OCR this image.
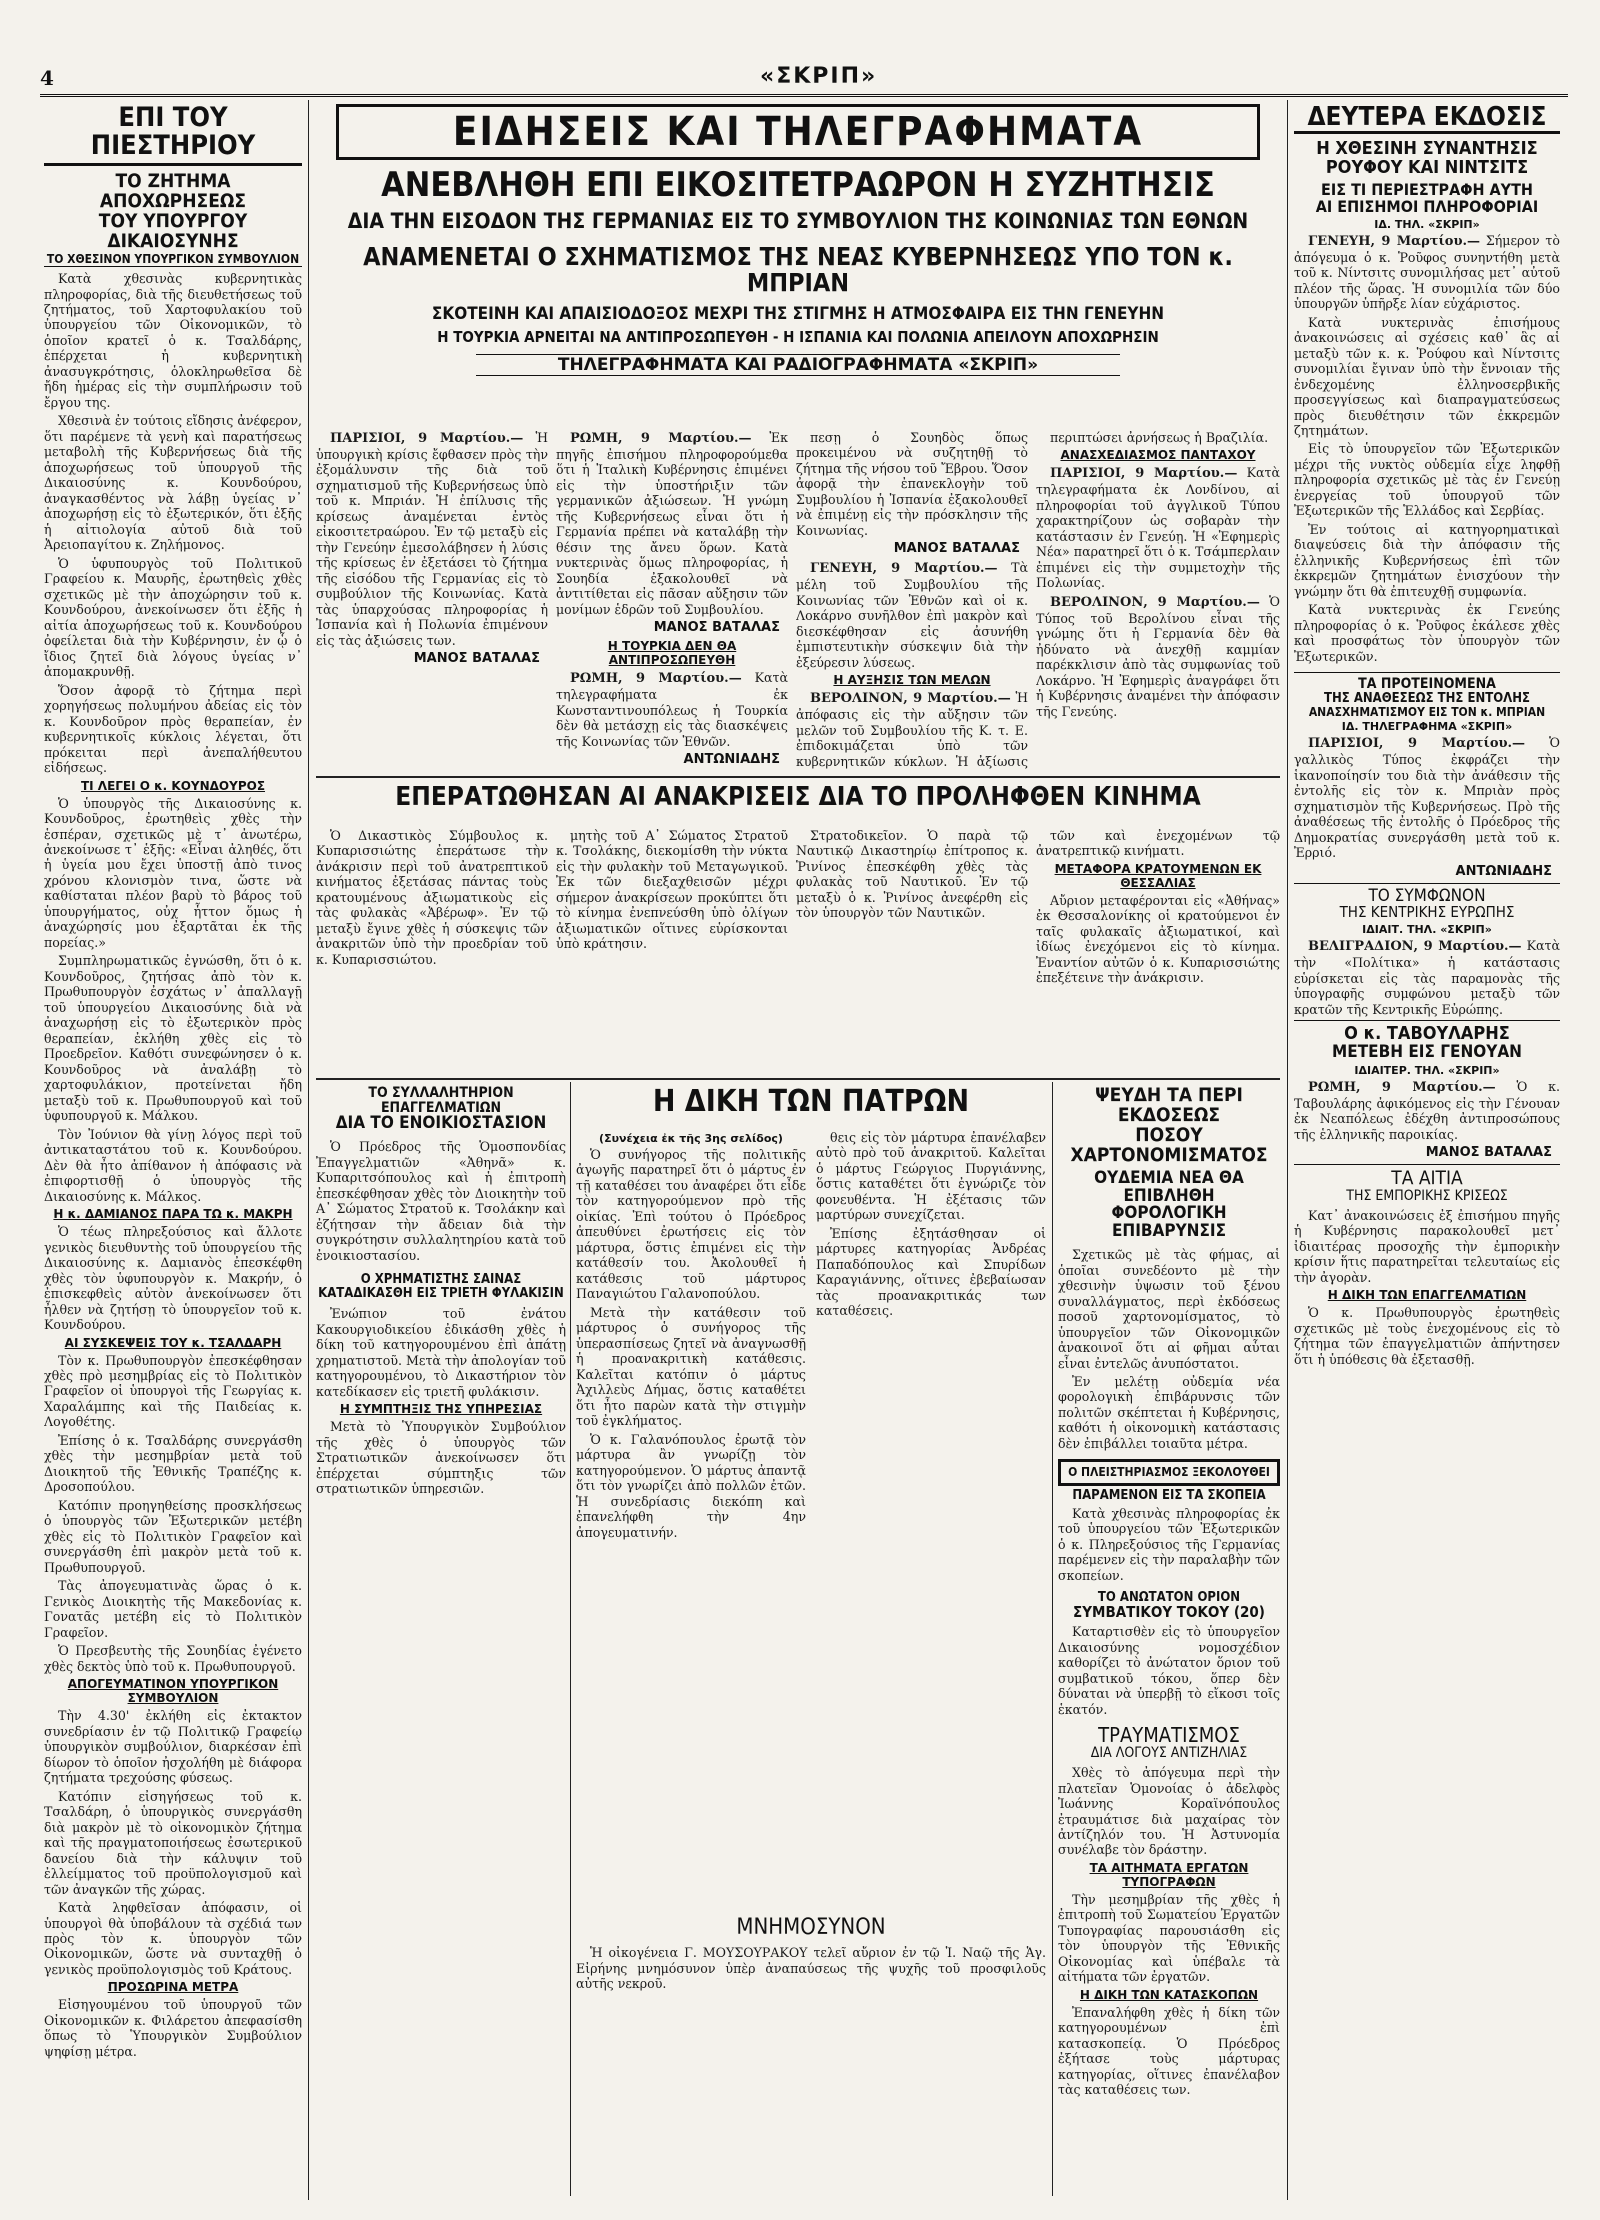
4	«ΣΚΡΙΠ»
ΕΠΙ ΤΟΥ ΠΙΕΣΤΗΡΙΟΥ
ΤΟ ΖΗΤΗΜΑ ΑΠΟΧΩΡΗΣΕΩΣ
ΤΟΥ ΥΠΟΥΡΓΟΥ ΔΙΚΑΙΟΣΥΝΗΣ
ΤΟ ΧΘΕΣΙΝΟΝ ΥΠΟΥΡΓΙΚΟΝ ΣΥΜΒΟΥΛΙΟΝ

Κατὰ χθεσινὰς κυβερνητικὰς πληροφορίας, διὰ τῆς διευθετήσεως τοῦ ζητήματος, τοῦ Χαρτοφυλακίου τοῦ ὑπουργείου τῶν Οἰκονομικῶν, τὸ ὁποῖον κρατεῖ ὁ κ. Τσαλδάρης, ἐπέρχεται ἡ κυβερνητικὴ ἀνασυγκρότησις, ὁλοκληρωθεῖσα δὲ ἤδη ἡμέρας εἰς τὴν συμπλήρωσιν τοῦ ἔργου της.

Χθεσινὰ ἐν τούτοις εἴδησις ἀνέφερον, ὅτι παρέμενε τὰ γενὴ καὶ παρατήσεως μεταβολὴ τῆς Κυβερνήσεως διὰ τῆς ἀποχωρήσεως τοῦ ὑπουργοῦ τῆς Δικαιοσύνης κ. Κουνδούρου, ἀναγκασθέντος νὰ λάβῃ ὑγείας ν᾽ ἀποχωρήσῃ εἰς τὸ ἐξωτερικόν, ὅτι ἐξῆς ἡ αἰτιολογία αὐτοῦ διὰ τοῦ Ἀρειοπαγίτου κ. Ζηλήμονος.

Ὁ ὑφυπουργὸς τοῦ Πολιτικοῦ Γραφείου κ. Μαυρῆς, ἐρωτηθεὶς χθὲς σχετικῶς μὲ τὴν ἀποχώρησιν τοῦ κ. Κουνδούρου, ἀνεκοίνωσεν ὅτι ἐξῆς ἡ αἰτία ἀποχωρήσεως τοῦ κ. Κουνδούρου ὀφείλεται διὰ τὴν Κυβέρνησιν, ἐν ᾧ ὁ ἴδιος ζητεῖ διὰ λόγους ὑγείας ν᾽ ἀπομακρυνθῇ.

Ὅσον ἀφορᾷ τὸ ζήτημα περὶ χορηγήσεως πολυμήνου ἀδείας εἰς τὸν κ. Κουνδοῦρον πρὸς θεραπείαν, ἐν κυβερνητικοῖς κύκλοις λέγεται, ὅτι πρόκειται περὶ ἀνεπαλήθευτου εἰδήσεως.

ΤΙ ΛΕΓΕΙ Ο κ. ΚΟΥΝΔΟΥΡΟΣ

Ὁ ὑπουργὸς τῆς Δικαιοσύνης κ. Κουνδοῦρος, ἐρωτηθεὶς χθὲς τὴν ἑσπέραν, σχετικῶς μὲ τ᾽ ἀνωτέρω, ἀνεκοίνωσε τ᾽ ἑξῆς: «Εἶναι ἀληθές, ὅτι ἡ ὑγεία μου ἔχει ὑποστῇ ἀπὸ τινος χρόνου κλονισμὸν τινα, ὥστε νὰ καθίσταται πλέον βαρὺ τὸ βάρος τοῦ ὑπουργήματος, οὐχ ἧττον ὅμως ἡ ἀναχώρησίς μου ἐξαρτᾶται ἐκ τῆς πορείας.»

Συμπληρωματικῶς ἐγνώσθη, ὅτι ὁ κ. Κουνδοῦρος, ζητήσας ἀπὸ τὸν κ. Πρωθυπουργὸν ἐσχάτως ν᾽ ἀπαλλαγῇ τοῦ ὑπουργείου Δικαιοσύνης διὰ νὰ ἀναχωρήσῃ εἰς τὸ ἐξωτερικὸν πρὸς θεραπείαν, ἐκλήθη χθὲς εἰς τὸ Προεδρεῖον. Καθότι συνεφώνησεν ὁ κ. Κουνδοῦρος νὰ ἀναλάβῃ τὸ χαρτοφυλάκιον, προτείνεται ἤδη μεταξὺ τοῦ κ. Πρωθυπουργοῦ καὶ τοῦ ὑφυπουργοῦ κ. Μάλκου.

Τὸν Ἰούνιον θὰ γίνῃ λόγος περὶ τοῦ ἀντικαταστάτου τοῦ κ. Κουνδούρου. Δὲν θὰ ἦτο ἀπίθανον ἡ ἀπόφασις νὰ ἐπιφορτισθῇ ὁ ὑπουργὸς τῆς Δικαιοσύνης κ. Μάλκος.

Η κ. ΔΑΜΙΑΝΟΣ ΠΑΡΑ ΤΩ κ. ΜΑΚΡΗ

Ὁ τέως πληρεξούσιος καὶ ἄλλοτε γενικὸς διευθυντὴς τοῦ ὑπουργείου τῆς Δικαιοσύνης κ. Δαμιανὸς ἐπεσκέφθη χθὲς τὸν ὑφυπουργὸν κ. Μακρήν, ὁ ἐπισκεφθεὶς αὐτὸν ἀνεκοίνωσεν ὅτι ἦλθεν νὰ ζητήσῃ τὸ ὑπουργεῖον τοῦ κ. Κουνδούρου.

ΑΙ ΣΥΣΚΕΨΕΙΣ ΤΟΥ κ. ΤΣΑΛΔΑΡΗ

Τὸν κ. Πρωθυπουργὸν ἐπεσκέφθησαν χθὲς πρὸ μεσημβρίας εἰς τὸ Πολιτικὸν Γραφεῖον οἱ ὑπουργοὶ τῆς Γεωργίας κ. Χαραλάμπης καὶ τῆς Παιδείας κ. Λογοθέτης.

Ἐπίσης ὁ κ. Τσαλδάρης συνεργάσθη χθὲς τὴν μεσημβρίαν μετὰ τοῦ Διοικητοῦ τῆς Ἐθνικῆς Τραπέζης κ. Δροσοπούλου.

Κατόπιν προηγηθείσης προσκλήσεως ὁ ὑπουργὸς τῶν Ἐξωτερικῶν μετέβη χθὲς εἰς τὸ Πολιτικὸν Γραφεῖον καὶ συνεργάσθη ἐπὶ μακρὸν μετὰ τοῦ κ. Πρωθυπουργοῦ.

Τὰς ἀπογευματινὰς ὥρας ὁ κ. Γενικὸς Διοικητὴς τῆς Μακεδονίας κ. Γονατᾶς μετέβη εἰς τὸ Πολιτικὸν Γραφεῖον.

Ὁ Πρεσβευτὴς τῆς Σουηδίας ἐγένετο χθὲς δεκτὸς ὑπὸ τοῦ κ. Πρωθυπουργοῦ.

ΑΠΟΓΕΥΜΑΤΙΝΟΝ ΥΠΟΥΡΓΙΚΟΝ ΣΥΜΒΟΥΛΙΟΝ

Τὴν 4.30' ἐκλήθη εἰς ἐκτακτον συνεδρίασιν ἐν τῷ Πολιτικῷ Γραφείῳ ὑπουργικὸν συμβούλιον, διαρκέσαν ἐπὶ δίωρον τὸ ὁποῖον ἠσχολήθη μὲ διάφορα ζητήματα τρεχούσης φύσεως.

Κατόπιν εἰσηγήσεως τοῦ κ. Τσαλδάρη, ὁ ὑπουργικὸς συνεργάσθη διὰ μακρὸν μὲ τὸ οἰκονομικὸν ζήτημα καὶ τῆς πραγματοποιήσεως ἐσωτερικοῦ δανείου διὰ τὴν κάλυψιν τοῦ ἐλλείμματος τοῦ προϋπολογισμοῦ καὶ τῶν ἀναγκῶν τῆς χώρας.

Κατὰ ληφθεῖσαν ἀπόφασιν, οἱ ὑπουργοὶ θὰ ὑποβάλουν τὰ σχέδιά των πρὸς τὸν κ. ὑπουργὸν τῶν Οἰκονομικῶν, ὥστε νὰ συνταχθῇ ὁ γενικὸς προϋπολογισμὸς τοῦ Κράτους.

ΠΡΟΣΩΡΙΝΑ ΜΕΤΡΑ

Εἰσηγουμένου τοῦ ὑπουργοῦ τῶν Οἰκονομικῶν κ. Φιλάρετου ἀπεφασίσθη ὅπως τὸ Ὑπουργικὸν Συμβούλιον ψηφίσῃ μέτρα.

ΕΙΔΗΣΕΙΣ ΚΑΙ ΤΗΛΕΓΡΑΦΗΜΑΤΑ
ΑΝΕΒΛΗΘΗ ΕΠΙ ΕΙΚΟΣΙΤΕΤΡΑΩΡΟΝ Η ΣΥΖΗΤΗΣΙΣ
ΔΙΑ ΤΗΝ ΕΙΣΟΔΟΝ ΤΗΣ ΓΕΡΜΑΝΙΑΣ ΕΙΣ ΤΟ ΣΥΜΒΟΥΛΙΟΝ ΤΗΣ ΚΟΙΝΩΝΙΑΣ ΤΩΝ ΕΘΝΩΝ
ΑΝΑΜΕΝΕΤΑΙ Ο ΣΧΗΜΑΤΙΣΜΟΣ ΤΗΣ ΝΕΑΣ ΚΥΒΕΡΝΗΣΕΩΣ ΥΠΟ ΤΟΝ κ. ΜΠΡΙΑΝ
ΣΚΟΤΕΙΝΗ ΚΑΙ ΑΠΑΙΣΙΟΔΟΞΟΣ ΜΕΧΡΙ ΤΗΣ ΣΤΙΓΜΗΣ Η ΑΤΜΟΣΦΑΙΡΑ ΕΙΣ ΤΗΝ ΓΕΝΕΥΗΝ
Η ΤΟΥΡΚΙΑ ΑΡΝΕΙΤΑΙ ΝΑ ΑΝΤΙΠΡΟΣΩΠΕΥΘΗ - Η ΙΣΠΑΝΙΑ ΚΑΙ ΠΟΛΩΝΙΑ ΑΠΕΙΛΟΥΝ ΑΠΟΧΩΡΗΣΙΝ
ΤΗΛΕΓΡΑΦΗΜΑΤΑ ΚΑΙ ΡΑΔΙΟΓΡΑΦΗΜΑΤΑ «ΣΚΡΙΠ»

ΠΑΡΙΣΙΟΙ, 9 Μαρτίου.— Ἡ ὑπουργικὴ κρίσις ἔφθασεν πρὸς τὴν ἐξομάλυνσιν τῆς διὰ τοῦ σχηματισμοῦ τῆς Κυβερνήσεως ὑπὸ τοῦ κ. Μπριάν. Ἡ ἐπίλυσις τῆς κρίσεως ἀναμένεται ἐντὸς εἰκοσιτετραώρου. Ἐν τῷ μεταξὺ εἰς τὴν Γενεύην ἐμεσολάβησεν ἡ λύσις τῆς κρίσεως ἐν ἐξετάσει τὸ ζήτημα τῆς εἰσόδου τῆς Γερμανίας εἰς τὸ συμβούλιον τῆς Κοινωνίας. Κατὰ τὰς ὑπαρχούσας πληροφορίας ἡ Ἰσπανία καὶ ἡ Πολωνία ἐπιμένουν εἰς τὰς ἀξιώσεις των.

ΜΑΝΟΣ ΒΑΤΑΛΑΣ

ΡΩΜΗ, 9 Μαρτίου.— Ἐκ πηγῆς ἐπισήμου πληροφορούμεθα ὅτι ἡ Ἰταλικὴ Κυβέρνησις ἐπιμένει εἰς τὴν ὑποστήριξιν τῶν γερμανικῶν ἀξιώσεων. Ἡ γνώμη τῆς Κυβερνήσεως εἶναι ὅτι ἡ Γερμανία πρέπει νὰ καταλάβῃ τὴν θέσιν της ἄνευ ὅρων. Κατὰ νυκτερινὰς ὅμως πληροφορίας, ἡ Σουηδία ἐξακολουθεῖ νὰ ἀντιτίθεται εἰς πᾶσαν αὔξησιν τῶν μονίμων ἑδρῶν τοῦ Συμβουλίου.

ΜΑΝΟΣ ΒΑΤΑΛΑΣ
Η ΤΟΥΡΚΙΑ ΔΕΝ ΘΑ ΑΝΤΙΠΡΟΣΩΠΕΥΘΗ

ΡΩΜΗ, 9 Μαρτίου.— Κατὰ τηλεγραφήματα ἐκ Κωνσταντινουπόλεως ἡ Τουρκία δὲν θὰ μετάσχῃ εἰς τὰς διασκέψεις τῆς Κοινωνίας τῶν Ἐθνῶν.

ΑΝΤΩΝΙΑΔΗΣ

πεσῃ ὁ Σουηδὸς ὅπως προκειμένου νὰ συζητηθῇ τὸ ζήτημα τῆς νήσου τοῦ Ἔβρου. Ὅσον ἀφορᾷ τὴν ἐπανεκλογὴν τοῦ Συμβουλίου ἡ Ἰσπανία ἐξακολουθεῖ νὰ ἐπιμένῃ εἰς τὴν πρόσκλησιν τῆς Κοινωνίας.

ΜΑΝΟΣ ΒΑΤΑΛΑΣ

ΓΕΝΕΥΗ, 9 Μαρτίου.— Τὰ μέλη τοῦ Συμβουλίου τῆς Κοινωνίας τῶν Ἐθνῶν καὶ οἱ κ. Λοκάρνο συνῆλθον ἐπὶ μακρὸν καὶ διεσκέφθησαν εἰς ἀσυνήθη ἐμπιστευτικὴν σύσκεψιν διὰ τὴν ἐξεύρεσιν λύσεως.

Η ΑΥΞΗΣΙΣ ΤΩΝ ΜΕΛΩΝ

ΒΕΡΟΛΙΝΟΝ, 9 Μαρτίου.— Ἡ ἀπόφασις εἰς τὴν αὔξησιν τῶν μελῶν τοῦ Συμβουλίου τῆς Κ. τ. Ε. ἐπιδοκιμάζεται ὑπὸ τῶν κυβερνητικῶν κύκλων. Ἡ ἀξίωσις

περιπτώσει ἀρνήσεως ἡ Βραζιλία.

ΑΝΑΣΧΕΔΙΑΣΜΟΣ ΠΑΝΤΑΧΟΥ

ΠΑΡΙΣΙΟΙ, 9 Μαρτίου.— Κατὰ τηλεγραφήματα ἐκ Λονδίνου, αἱ πληροφορίαι τοῦ ἀγγλικοῦ Τύπου χαρακτηρίζουν ὡς σοβαρὰν τὴν κατάστασιν ἐν Γενεύῃ. Ἡ «Ἐφημερὶς Νέα» παρατηρεῖ ὅτι ὁ κ. Τσάμπερλαιν ἐπιμένει εἰς τὴν συμμετοχὴν τῆς Πολωνίας.

ΒΕΡΟΛΙΝΟΝ, 9 Μαρτίου.— Ὁ Τύπος τοῦ Βερολίνου εἶναι τῆς γνώμης ὅτι ἡ Γερμανία δὲν θὰ ἠδύνατο νὰ ἀνεχθῇ καμμίαν παρέκκλισιν ἀπὸ τὰς συμφωνίας τοῦ Λοκάρνο. Ἡ Ἐφημερὶς ἀναγράφει ὅτι ἡ Κυβέρνησις ἀναμένει τὴν ἀπόφασιν τῆς Γενεύης.

ΕΠΕΡΑΤΩΘΗΣΑΝ ΑΙ ΑΝΑΚΡΙΣΕΙΣ ΔΙΑ ΤΟ ΠΡΟΛΗΦΘΕΝ ΚΙΝΗΜΑ

Ὁ Δικαστικὸς Σύμβουλος κ. Κυπαρισσιώτης ἐπεράτωσε τὴν ἀνάκρισιν περὶ τοῦ ἀνατρεπτικοῦ κινήματος ἐξετάσας πάντας τοὺς κρατουμένους ἀξιωματικοὺς εἰς τὰς φυλακὰς «Ἀβέρωφ». Ἐν τῷ μεταξὺ ἔγινε χθὲς ἡ σύσκεψις τῶν ἀνακριτῶν ὑπὸ τὴν προεδρίαν τοῦ κ. Κυπαρισσιώτου.

μητὴς τοῦ Α᾽ Σώματος Στρατοῦ κ. Τσολάκης, διεκομίσθη τὴν νύκτα εἰς τὴν φυλακὴν τοῦ Μεταγωγικοῦ. Ἐκ τῶν διεξαχθεισῶν μέχρι σήμερον ἀνακρίσεων προκύπτει ὅτι τὸ κίνημα ἐνεπνεύσθη ὑπὸ ὀλίγων ἀξιωματικῶν οἵτινες εὑρίσκονται ὑπὸ κράτησιν.

Στρατοδικεῖον. Ὁ παρὰ τῷ Ναυτικῷ Δικαστηρίῳ ἐπίτροπος κ. Ῥινίνος ἐπεσκέφθη χθὲς τὰς φυλακὰς τοῦ Ναυτικοῦ. Ἐν τῷ μεταξὺ ὁ κ. Ῥινίνος ἀνεφέρθη εἰς τὸν ὑπουργὸν τῶν Ναυτικῶν.

τῶν καὶ ἐνεχομένων τῷ ἀνατρεπτικῷ κινήματι.

ΜΕΤΑΦΟΡΑ ΚΡΑΤΟΥΜΕΝΩΝ ΕΚ ΘΕΣΣΑΛΙΑΣ

Αὔριον μεταφέρονται εἰς «Ἀθήνας» ἐκ Θεσσαλονίκης οἱ κρατούμενοι ἐν ταῖς φυλακαῖς ἀξιωματικοί, καὶ ἰδίως ἐνεχόμενοι εἰς τὸ κίνημα. Ἐναντίον αὐτῶν ὁ κ. Κυπαρισσιώτης ἐπεξέτεινε τὴν ἀνάκρισιν.

ΤΟ ΣΥΛΛΑΛΗΤΗΡΙΟΝ ΕΠΑΓΓΕΛΜΑΤΙΩΝ
ΔΙΑ ΤΟ ΕΝΟΙΚΙΟΣΤΑΣΙΟΝ

Ὁ Πρόεδρος τῆς Ὁμοσπονδίας Ἐπαγγελματιῶν «Ἀθηνᾶ» κ. Κυπαριτσόπουλος καὶ ἡ ἐπιτροπὴ ἐπεσκέφθησαν χθὲς τὸν Διοικητὴν τοῦ Α᾽ Σώματος Στρατοῦ κ. Τσολάκην καὶ ἐζήτησαν τὴν ἄδειαν διὰ τὴν συγκρότησιν συλλαλητηρίου κατὰ τοῦ ἐνοικιοστασίου.

Ο ΧΡΗΜΑΤΙΣΤΗΣ ΣΑΙΝΑΣ
ΚΑΤΑΔΙΚΑΣΘΗ ΕΙΣ ΤΡΙΕΤΗ ΦΥΛΑΚΙΣΙΝ

Ἐνώπιον τοῦ ἐνάτου Κακουργιοδικείου ἐδικάσθη χθὲς ἡ δίκη τοῦ κατηγορουμένου ἐπὶ ἀπάτῃ χρηματιστοῦ. Μετὰ τὴν ἀπολογίαν τοῦ κατηγορουμένου, τὸ Δικαστήριον τὸν κατεδίκασεν εἰς τριετῆ φυλάκισιν.

Η ΣΥΜΠΤΗΞΙΣ ΤΗΣ ΥΠΗΡΕΣΙΑΣ

Μετὰ τὸ Ὑπουργικὸν Συμβούλιον τῆς χθὲς ὁ ὑπουργὸς τῶν Στρατιωτικῶν ἀνεκοίνωσεν ὅτι ἐπέρχεται σύμπτηξις τῶν στρατιωτικῶν ὑπηρεσιῶν.

Η ΔΙΚΗ ΤΩΝ ΠΑΤΡΩΝ
(Συνέχεια ἐκ τῆς 3ης σελίδος)

Ὁ συνήγορος τῆς πολιτικῆς ἀγωγῆς παρατηρεῖ ὅτι ὁ μάρτυς ἐν τῇ καταθέσει του ἀναφέρει ὅτι εἶδε τὸν κατηγορούμενον πρὸ τῆς οἰκίας. Ἐπὶ τούτου ὁ Πρόεδρος ἀπευθύνει ἐρωτήσεις εἰς τὸν μάρτυρα, ὅστις ἐπιμένει εἰς τὴν κατάθεσίν του. Ἀκολουθεῖ ἡ κατάθεσις τοῦ μάρτυρος Παναγιώτου Γαλανοπούλου.

Μετὰ τὴν κατάθεσιν τοῦ μάρτυρος ὁ συνήγορος τῆς ὑπερασπίσεως ζητεῖ νὰ ἀναγνωσθῇ ἡ προανακριτικὴ κατάθεσις. Καλεῖται κατόπιν ὁ μάρτυς Ἀχιλλεὺς Δήμας, ὅστις καταθέτει ὅτι ἦτο παρὼν κατὰ τὴν στιγμὴν τοῦ ἐγκλήματος.

Ὁ κ. Γαλανόπουλος ἐρωτᾷ τὸν μάρτυρα ἂν γνωρίζῃ τὸν κατηγορούμενον. Ὁ μάρτυς ἀπαντᾷ ὅτι τὸν γνωρίζει ἀπὸ πολλῶν ἐτῶν. Ἡ συνεδρίασις διεκόπη καὶ ἐπανελήφθη τὴν 4ην ἀπογευματινήν.

θεις εἰς τὸν μάρτυρα ἐπανέλαβεν αὐτὸ πρὸ τοῦ ἀνακριτοῦ. Καλεῖται ὁ μάρτυς Γεώργιος Πυργιάννης, ὅστις καταθέτει ὅτι ἐγνώριζε τὸν φονευθέντα. Ἡ ἐξέτασις τῶν μαρτύρων συνεχίζεται.

Ἐπίσης ἐξητάσθησαν οἱ μάρτυρες κατηγορίας Ἀνδρέας Παπαδόπουλος καὶ Σπυρίδων Καραγιάννης, οἵτινες ἐβεβαίωσαν τὰς προανακριτικάς των καταθέσεις.

ΜΝΗΜΟΣΥΝΟΝ

Ἡ οἰκογένεια Γ. ΜΟΥΣΟΥΡΑΚΟΥ τελεῖ αὔριον ἐν τῷ Ἱ. Ναῷ τῆς Ἁγ. Εἰρήνης μνημόσυνον ὑπὲρ ἀναπαύσεως τῆς ψυχῆς τοῦ προσφιλοῦς αὐτῆς νεκροῦ.

ΨΕΥΔΗ ΤΑ ΠΕΡΙ ΕΚΔΟΣΕΩΣ
ΠΟΣΟΥ ΧΑΡΤΟΝΟΜΙΣΜΑΤΟΣ
ΟΥΔΕΜΙΑ ΝΕΑ ΘΑ ΕΠΙΒΛΗΘΗ
ΦΟΡΟΛΟΓΙΚΗ ΕΠΙΒΑΡΥΝΣΙΣ

Σχετικῶς μὲ τὰς φήμας, αἱ ὁποῖαι συνεδέοντο μὲ τὴν χθεσινὴν ὑψωσιν τοῦ ξένου συναλλάγματος, περὶ ἐκδόσεως ποσοῦ χαρτονομίσματος, τὸ ὑπουργεῖον τῶν Οἰκονομικῶν ἀνακοινοῖ ὅτι αἱ φῆμαι αὗται εἶναι ἐντελῶς ἀνυπόστατοι.

Ἐν μελέτῃ οὐδεμία νέα φορολογικὴ ἐπιβάρυνσις τῶν πολιτῶν σκέπτεται ἡ Κυβέρνησις, καθότι ἡ οἰκονομικὴ κατάστασις δὲν ἐπιβάλλει τοιαῦτα μέτρα.

Ο ΠΛΕΙΣΤΗΡΙΑΣΜΟΣ ΞΕΚΟΛΟΥΘΕΙ
ΠΑΡΑΜΕΝΟΝ ΕΙΣ ΤΑ ΣΚΟΠΕΙΑ

Κατὰ χθεσινὰς πληροφορίας ἐκ τοῦ ὑπουργείου τῶν Ἐξωτερικῶν ὁ κ. Πληρεξούσιος τῆς Γερμανίας παρέμενεν εἰς τὴν παραλαβὴν τῶν σκοπείων.

ΤΟ ΑΝΩΤΑΤΟΝ ΟΡΙΟΝ
ΣΥΜΒΑΤΙΚΟΥ ΤΟΚΟΥ (20)

Καταρτισθὲν εἰς τὸ ὑπουργεῖον Δικαιοσύνης νομοσχέδιον καθορίζει τὸ ἀνώτατον ὅριον τοῦ συμβατικοῦ τόκου, ὅπερ δὲν δύναται νὰ ὑπερβῇ τὸ εἴκοσι τοῖς ἑκατόν.

ΤΡΑΥΜΑΤΙΣΜΟΣ
ΔΙΑ ΛΟΓΟΥΣ ΑΝΤΙΖΗΛΙΑΣ

Χθὲς τὸ ἀπόγευμα περὶ τὴν πλατεῖαν Ὁμονοίας ὁ ἀδελφὸς Ἰωάννης Κοραϊνόπουλος ἐτραυμάτισε διὰ μαχαίρας τὸν ἀντίζηλόν του. Ἡ Ἀστυνομία συνέλαβε τὸν δράστην.

ΤΑ ΑΙΤΗΜΑΤΑ ΕΡΓΑΤΩΝ ΤΥΠΟΓΡΑΦΩΝ

Τὴν μεσημβρίαν τῆς χθὲς ἡ ἐπιτροπὴ τοῦ Σωματείου Ἐργατῶν Τυπογραφίας παρουσιάσθη εἰς τὸν ὑπουργὸν τῆς Ἐθνικῆς Οἰκονομίας καὶ ὑπέβαλε τὰ αἰτήματα τῶν ἐργατῶν.

Η ΔΙΚΗ ΤΩΝ ΚΑΤΑΣΚΟΠΩΝ

Ἐπαναλήφθη χθὲς ἡ δίκη τῶν κατηγορουμένων ἐπὶ κατασκοπείᾳ. Ὁ Πρόεδρος ἐξήτασε τοὺς μάρτυρας κατηγορίας, οἵτινες ἐπανέλαβον τὰς καταθέσεις των.

ΔΕΥΤΕΡΑ ΕΚΔΟΣΙΣ
Η ΧΘΕΣΙΝΗ ΣΥΝΑΝΤΗΣΙΣ
ΡΟΥΦΟΥ ΚΑΙ ΝΙΝΤΣΙΤΣ
ΕΙΣ ΤΙ ΠΕΡΙΕΣΤΡΑΦΗ ΑΥΤΗ
ΑΙ ΕΠΙΣΗΜΟΙ ΠΛΗΡΟΦΟΡΙΑΙ
ΙΔ. ΤΗΛ. «ΣΚΡΙΠ»

ΓΕΝΕΥΗ, 9 Μαρτίου.— Σήμερον τὸ ἀπόγευμα ὁ κ. Ῥοῦφος συνηντήθη μετὰ τοῦ κ. Νίντσιτς συνομιλήσας μετ᾽ αὐτοῦ πλέον τῆς ὥρας. Ἡ συνομιλία τῶν δύο ὑπουργῶν ὑπῆρξε λίαν εὐχάριστος.

Κατὰ νυκτερινὰς ἐπισήμους ἀνακοινώσεις αἱ σχέσεις καθ᾽ ἃς αἱ μεταξὺ τῶν κ. κ. Ῥούφου καὶ Νίντσιτς συνομιλίαι ἔγιναν ὑπὸ τὴν ἔννοιαν τῆς ἐνδεχομένης ἐλληνοσερβικῆς προσεγγίσεως καὶ διαπραγματεύσεως πρὸς διευθέτησιν τῶν ἐκκρεμῶν ζητημάτων.

Εἰς τὸ ὑπουργεῖον τῶν Ἐξωτερικῶν μέχρι τῆς νυκτὸς οὐδεμία εἶχε ληφθῇ πληροφορία σχετικῶς μὲ τὰς ἐν Γενεύῃ ἐνεργείας τοῦ ὑπουργοῦ τῶν Ἐξωτερικῶν τῆς Ἑλλάδος καὶ Σερβίας.

Ἐν τούτοις αἱ κατηγορηματικαὶ διαψεύσεις διὰ τὴν ἀπόφασιν τῆς ἑλληνικῆς Κυβερνήσεως ἐπὶ τῶν ἐκκρεμῶν ζητημάτων ἐνισχύουν τὴν γνώμην ὅτι θὰ ἐπιτευχθῇ συμφωνία.

Κατὰ νυκτερινὰς ἐκ Γενεύης πληροφορίας ὁ κ. Ῥοῦφος ἐκάλεσε χθὲς καὶ προσφάτως τὸν ὑπουργὸν τῶν Ἐξωτερικῶν.

ΤΑ ΠΡΟΤΕΙΝΟΜΕΝΑ
ΤΗΣ ΑΝΑΘΕΣΕΩΣ ΤΗΣ ΕΝΤΟΛΗΣ
ΑΝΑΣΧΗΜΑΤΙΣΜΟΥ ΕΙΣ ΤΟΝ κ. ΜΠΡΙΑΝ
ΙΔ. ΤΗΛΕΓΡΑΦΗΜΑ «ΣΚΡΙΠ»

ΠΑΡΙΣΙΟΙ, 9 Μαρτίου.— Ὁ γαλλικὸς Τύπος ἐκφράζει τὴν ἱκανοποίησίν του διὰ τὴν ἀνάθεσιν τῆς ἐντολῆς εἰς τὸν κ. Μπριὰν πρὸς σχηματισμὸν τῆς Κυβερνήσεως. Πρὸ τῆς ἀναθέσεως τῆς ἐντολῆς ὁ Πρόεδρος τῆς Δημοκρατίας συνεργάσθη μετὰ τοῦ κ. Ἐρριό.

ΑΝΤΩΝΙΑΔΗΣ
ΤΟ ΣΥΜΦΩΝΟΝ
ΤΗΣ ΚΕΝΤΡΙΚΗΣ ΕΥΡΩΠΗΣ
ΙΔΙΑΙΤ. ΤΗΛ. «ΣΚΡΙΠ»

ΒΕΛΙΓΡΑΔΙΟΝ, 9 Μαρτίου.— Κατὰ τὴν «Πολίτικα» ἡ κατάστασις εὑρίσκεται εἰς τὰς παραμονὰς τῆς ὑπογραφῆς συμφώνου μεταξὺ τῶν κρατῶν τῆς Κεντρικῆς Εὐρώπης.

Ο κ. ΤΑΒΟΥΛΑΡΗΣ
ΜΕΤΕΒΗ ΕΙΣ ΓΕΝΟΥΑΝ
ΙΔΙΑΙΤΕΡ. ΤΗΛ. «ΣΚΡΙΠ»

ΡΩΜΗ, 9 Μαρτίου.— Ὁ κ. Ταβουλάρης ἀφικόμενος εἰς τὴν Γένουαν ἐκ Νεαπόλεως ἐδέχθη ἀντιπροσώπους τῆς ἑλληνικῆς παροικίας.

ΜΑΝΟΣ ΒΑΤΑΛΑΣ
ΤΑ ΑΙΤΙΑ
ΤΗΣ ΕΜΠΟΡΙΚΗΣ ΚΡΙΣΕΩΣ

Κατ᾽ ἀνακοινώσεις ἐξ ἐπισήμου πηγῆς ἡ Κυβέρνησις παρακολουθεῖ μετ᾽ ἰδιαιτέρας προσοχῆς τὴν ἐμπορικὴν κρίσιν ἥτις παρατηρεῖται τελευταίως εἰς τὴν ἀγορὰν.

Η ΔΙΚΗ ΤΩΝ ΕΠΑΓΓΕΛΜΑΤΙΩΝ

Ὁ κ. Πρωθυπουργὸς ἐρωτηθεὶς σχετικῶς μὲ τοὺς ἐνεχομένους εἰς τὸ ζήτημα τῶν ἐπαγγελματιῶν ἀπήντησεν ὅτι ἡ ὑπόθεσις θὰ ἐξετασθῇ.
